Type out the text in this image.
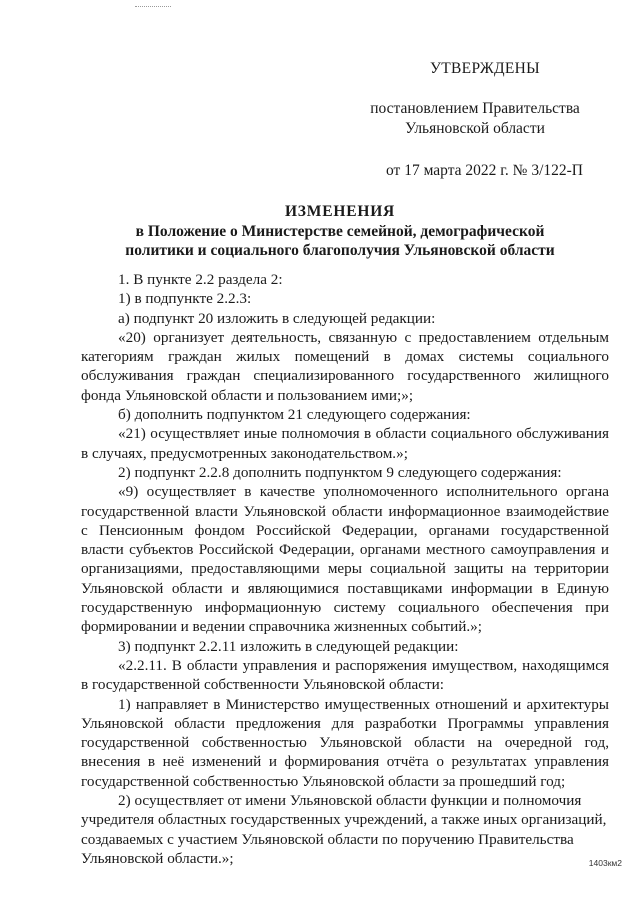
УТВЕРЖДЕНЫ
постановлением Правительства
Ульяновской области
от 17 марта 2022 г. № 3/122-П
ИЗМЕНЕНИЯ
в Положение о Министерстве семейной, демографической
политики и социального благополучия Ульяновской области

1. В пункте 2.2 раздела 2:

1) в подпункте 2.2.3:

а) подпункт 20 изложить в следующей редакции:

«20) организует деятельность, связанную с предоставлением отдельным категориям граждан жилых помещений в домах системы социального обслуживания граждан специализированного государственного жилищного фонда Ульяновской области и пользованием ими;»;

б) дополнить подпунктом 21 следующего содержания:

«21) осуществляет иные полномочия в области социального обслуживания в случаях, предусмотренных законодательством.»;

2) подпункт 2.2.8 дополнить подпунктом 9 следующего содержания:

«9) осуществляет в качестве уполномоченного исполнительного органа государственной власти Ульяновской области информационное взаимодействие с Пенсионным фондом Российской Федерации, органами государственной власти субъектов Российской Федерации, органами местного самоуправления и организациями, предоставляющими меры социальной защиты на территории Ульяновской области и являющимися поставщиками информации в Единую государственную информационную систему социального обеспечения при формировании и ведении справочника жизненных событий.»;

3) подпункт 2.2.11 изложить в следующей редакции:

«2.2.11. В области управления и распоряжения имуществом, находящимся в государственной собственности Ульяновской области:

1) направляет в Министерство имущественных отношений и архитектуры Ульяновской области предложения для разработки Программы управления государственной собственностью Ульяновской области на очередной год, внесения в неё изменений и формирования отчёта о результатах управления государственной собственностью Ульяновской области за прошедший год;

2) осуществляет от имени Ульяновской области функции и полномочия учредителя областных государственных учреждений, а также иных организаций, создаваемых с участием Ульяновской области по поручению Правительства Ульяновской области.»;	1403км2
